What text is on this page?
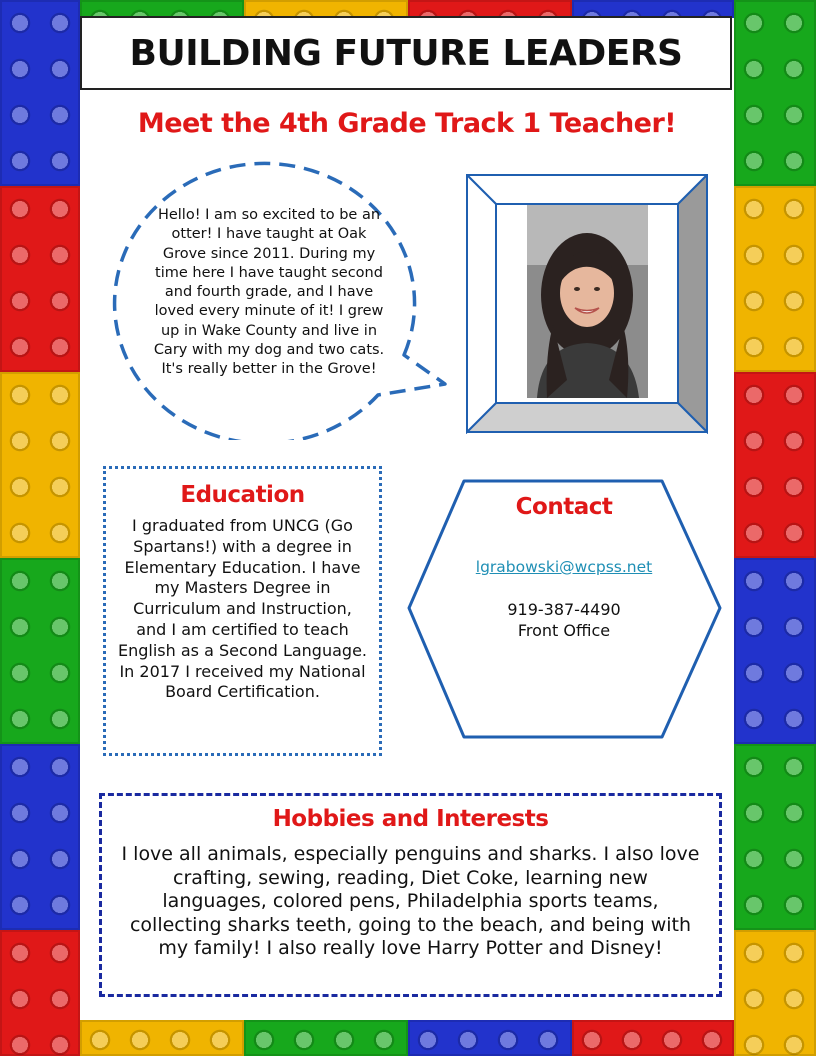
BUILDING FUTURE LEADERS
Meet the 4th Grade Track 1 Teacher!

Hello! I am so excited to be an otter! I have taught at Oak Grove since 2011. During my time here I have taught second and fourth grade, and I have loved every minute of it! I grew up in Wake County and live in Cary with my dog and two cats. It's really better in the Grove!

Education

I graduated from UNCG (Go Spartans!) with a degree in Elementary Education. I have my Masters Degree in Curriculum and Instruction, and I am certified to teach English as a Second Language. In 2017 I received my National Board Certification.

Contact
lgrabowski@wcpss.net
919-387-4490
Front Office
Hobbies and Interests

I love all animals, especially penguins and sharks. I also love crafting, sewing, reading, Diet Coke, learning new languages, colored pens, Philadelphia sports teams, collecting sharks teeth, going to the beach, and being with my family! I also really love Harry Potter and Disney!
